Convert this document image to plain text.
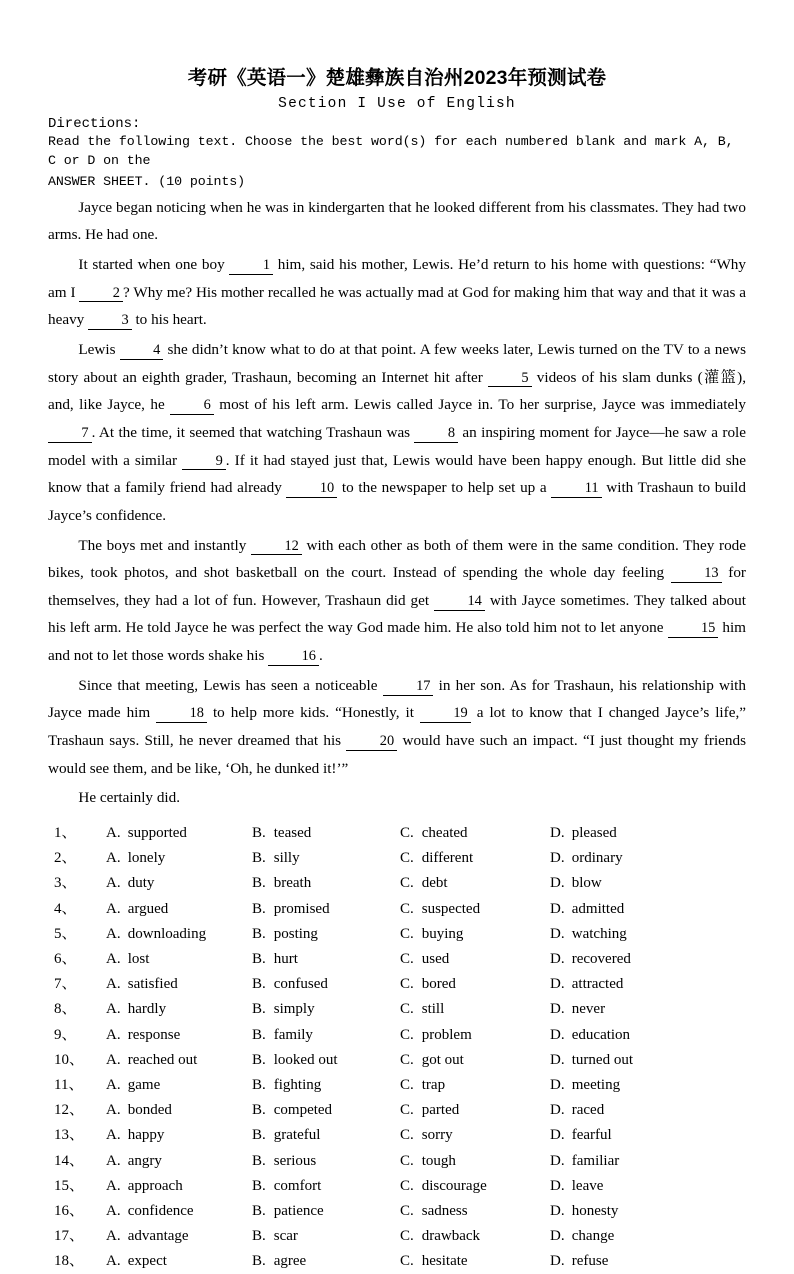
考研《英语一》楚雄彝族自治州2023年预测试卷
Section I Use of English
Directions:
Read the following text. Choose the best word(s) for each numbered blank and mark A, B, C or D on the
ANSWER SHEET. (10 points)

Jayce began noticing when he was in kindergarten that he looked different from his classmates. They had two arms. He had one.

It started when one boy 1 him, said his mother, Lewis. He’d return to his home with questions: “Why am I 2 ? Why me? His mother recalled he was actually mad at God for making him that way and that it was a heavy 3 to his heart.

Lewis 4 she didn’t know what to do at that point. A few weeks later, Lewis turned on the TV to a news story about an eighth grader, Trashaun, becoming an Internet hit after 5 videos of his slam dunks (灌篮), and, like Jayce, he 6 most of his left arm. Lewis called Jayce in. To her surprise, Jayce was immediately 7 . At the time, it seemed that watching Trashaun was 8 an inspiring moment for Jayce—he saw a role model with a similar 9 . If it had stayed just that, Lewis would have been happy enough. But little did she know that a family friend had already 10 to the newspaper to help set up a 11 with Trashaun to build Jayce’s confidence.

The boys met and instantly 12 with each other as both of them were in the same condition. They rode bikes, took photos, and shot basketball on the court. Instead of spending the whole day feeling 13 for themselves, they had a lot of fun. However, Trashaun did get 14 with Jayce sometimes. They talked about his left arm. He told Jayce he was perfect the way God made him. He also told him not to let anyone 15 him and not to let those words shake his 16 .

Since that meeting, Lewis has seen a noticeable 17 in her son. As for Trashaun, his relationship with Jayce made him 18 to help more kids. “Honestly, it 19 a lot to know that I changed Jayce’s life,” Trashaun says. Still, he never dreamed that his 20 would have such an impact. “I just thought my friends would see them, and be like, ‘Oh, he dunked it!’”

He certainly did.

1、	A. supported	B. teased	C. cheated	D. pleased
2、	A. lonely	B. silly	C. different	D. ordinary
3、	A. duty	B. breath	C. debt	D. blow
4、	A. argued	B. promised	C. suspected	D. admitted
5、	A. downloading	B. posting	C. buying	D. watching
6、	A. lost	B. hurt	C. used	D. recovered
7、	A. satisfied	B. confused	C. bored	D. attracted
8、	A. hardly	B. simply	C. still	D. never
9、	A. response	B. family	C. problem	D. education
10、	A. reached out	B. looked out	C. got out	D. turned out
11、	A. game	B. fighting	C. trap	D. meeting
12、	A. bonded	B. competed	C. parted	D. raced
13、	A. happy	B. grateful	C. sorry	D. fearful
14、	A. angry	B. serious	C. tough	D. familiar
15、	A. approach	B. comfort	C. discourage	D. leave
16、	A. confidence	B. patience	C. sadness	D. honesty
17、	A. advantage	B. scar	C. drawback	D. change
18、	A. expect	B. agree	C. hesitate	D. refuse
